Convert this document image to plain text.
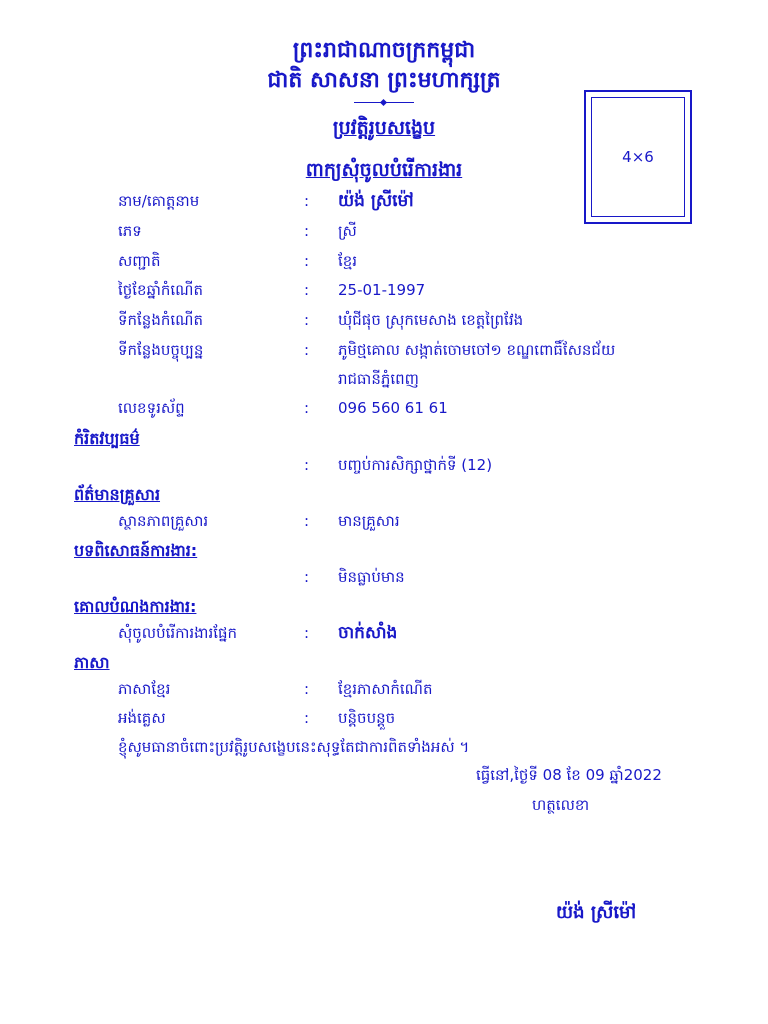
ព្រះរាជាណាចក្រកម្ពុជា
ជាតិ សាសនា ព្រះមហាក្សត្រ
4×6
ប្រវត្តិរូបសង្ខេប
ពាក្យសុំចូលបំរើការងារ
នាម/គោត្តនាម	: យ៉ង់ ស្រីម៉ៅ
ភេទ	: ស្រី
សញ្ជាតិ	: ខ្មែរ
ថ្ងៃខែឆ្នាំកំណើត	: 25-01-1997
ទីកន្លែងកំណើត	: ឃុំជីផុច ស្រុកមេសាង ខេត្តព្រៃវែង
ទីកន្លែងបច្ចុប្បន្ន	: ភូមិថ្មគោល សង្កាត់ចោមចៅ១ ខណ្ឌពោធិ៍សែនជ័យ
រាជធានីភ្នំពេញ
លេខទូរស័ព្ទ	: 096 560 61 61
កំរិតវប្បធម៌
: បញ្ចប់ការសិក្សាថ្នាក់ទី (12)
ព័ត៌មានគ្រួសារ
ស្ថានភាពគ្រួសារ	: មានគ្រួសារ
បទពិសោធន៍ការងារ:
: មិនធ្លាប់មាន
គោលបំណងការងារ:
សុំចូលបំរើការងារផ្នែក	: ចាក់សាំង
ភាសា
ភាសាខ្មែរ	: ខ្មែរភាសាកំណើត
អង់គ្លេស	: បន្តិចបន្តួច
ខ្ញុំសូមធានាចំពោះប្រវត្តិរូបសង្ខេបនេះសុទ្ធតែជាការពិតទាំងអស់ ។
ធ្វើនៅ,ថ្ងៃទី 08 ខែ 09 ឆ្នាំ2022
ហត្ថលេខា
យ៉ង់ ស្រីម៉ៅ
